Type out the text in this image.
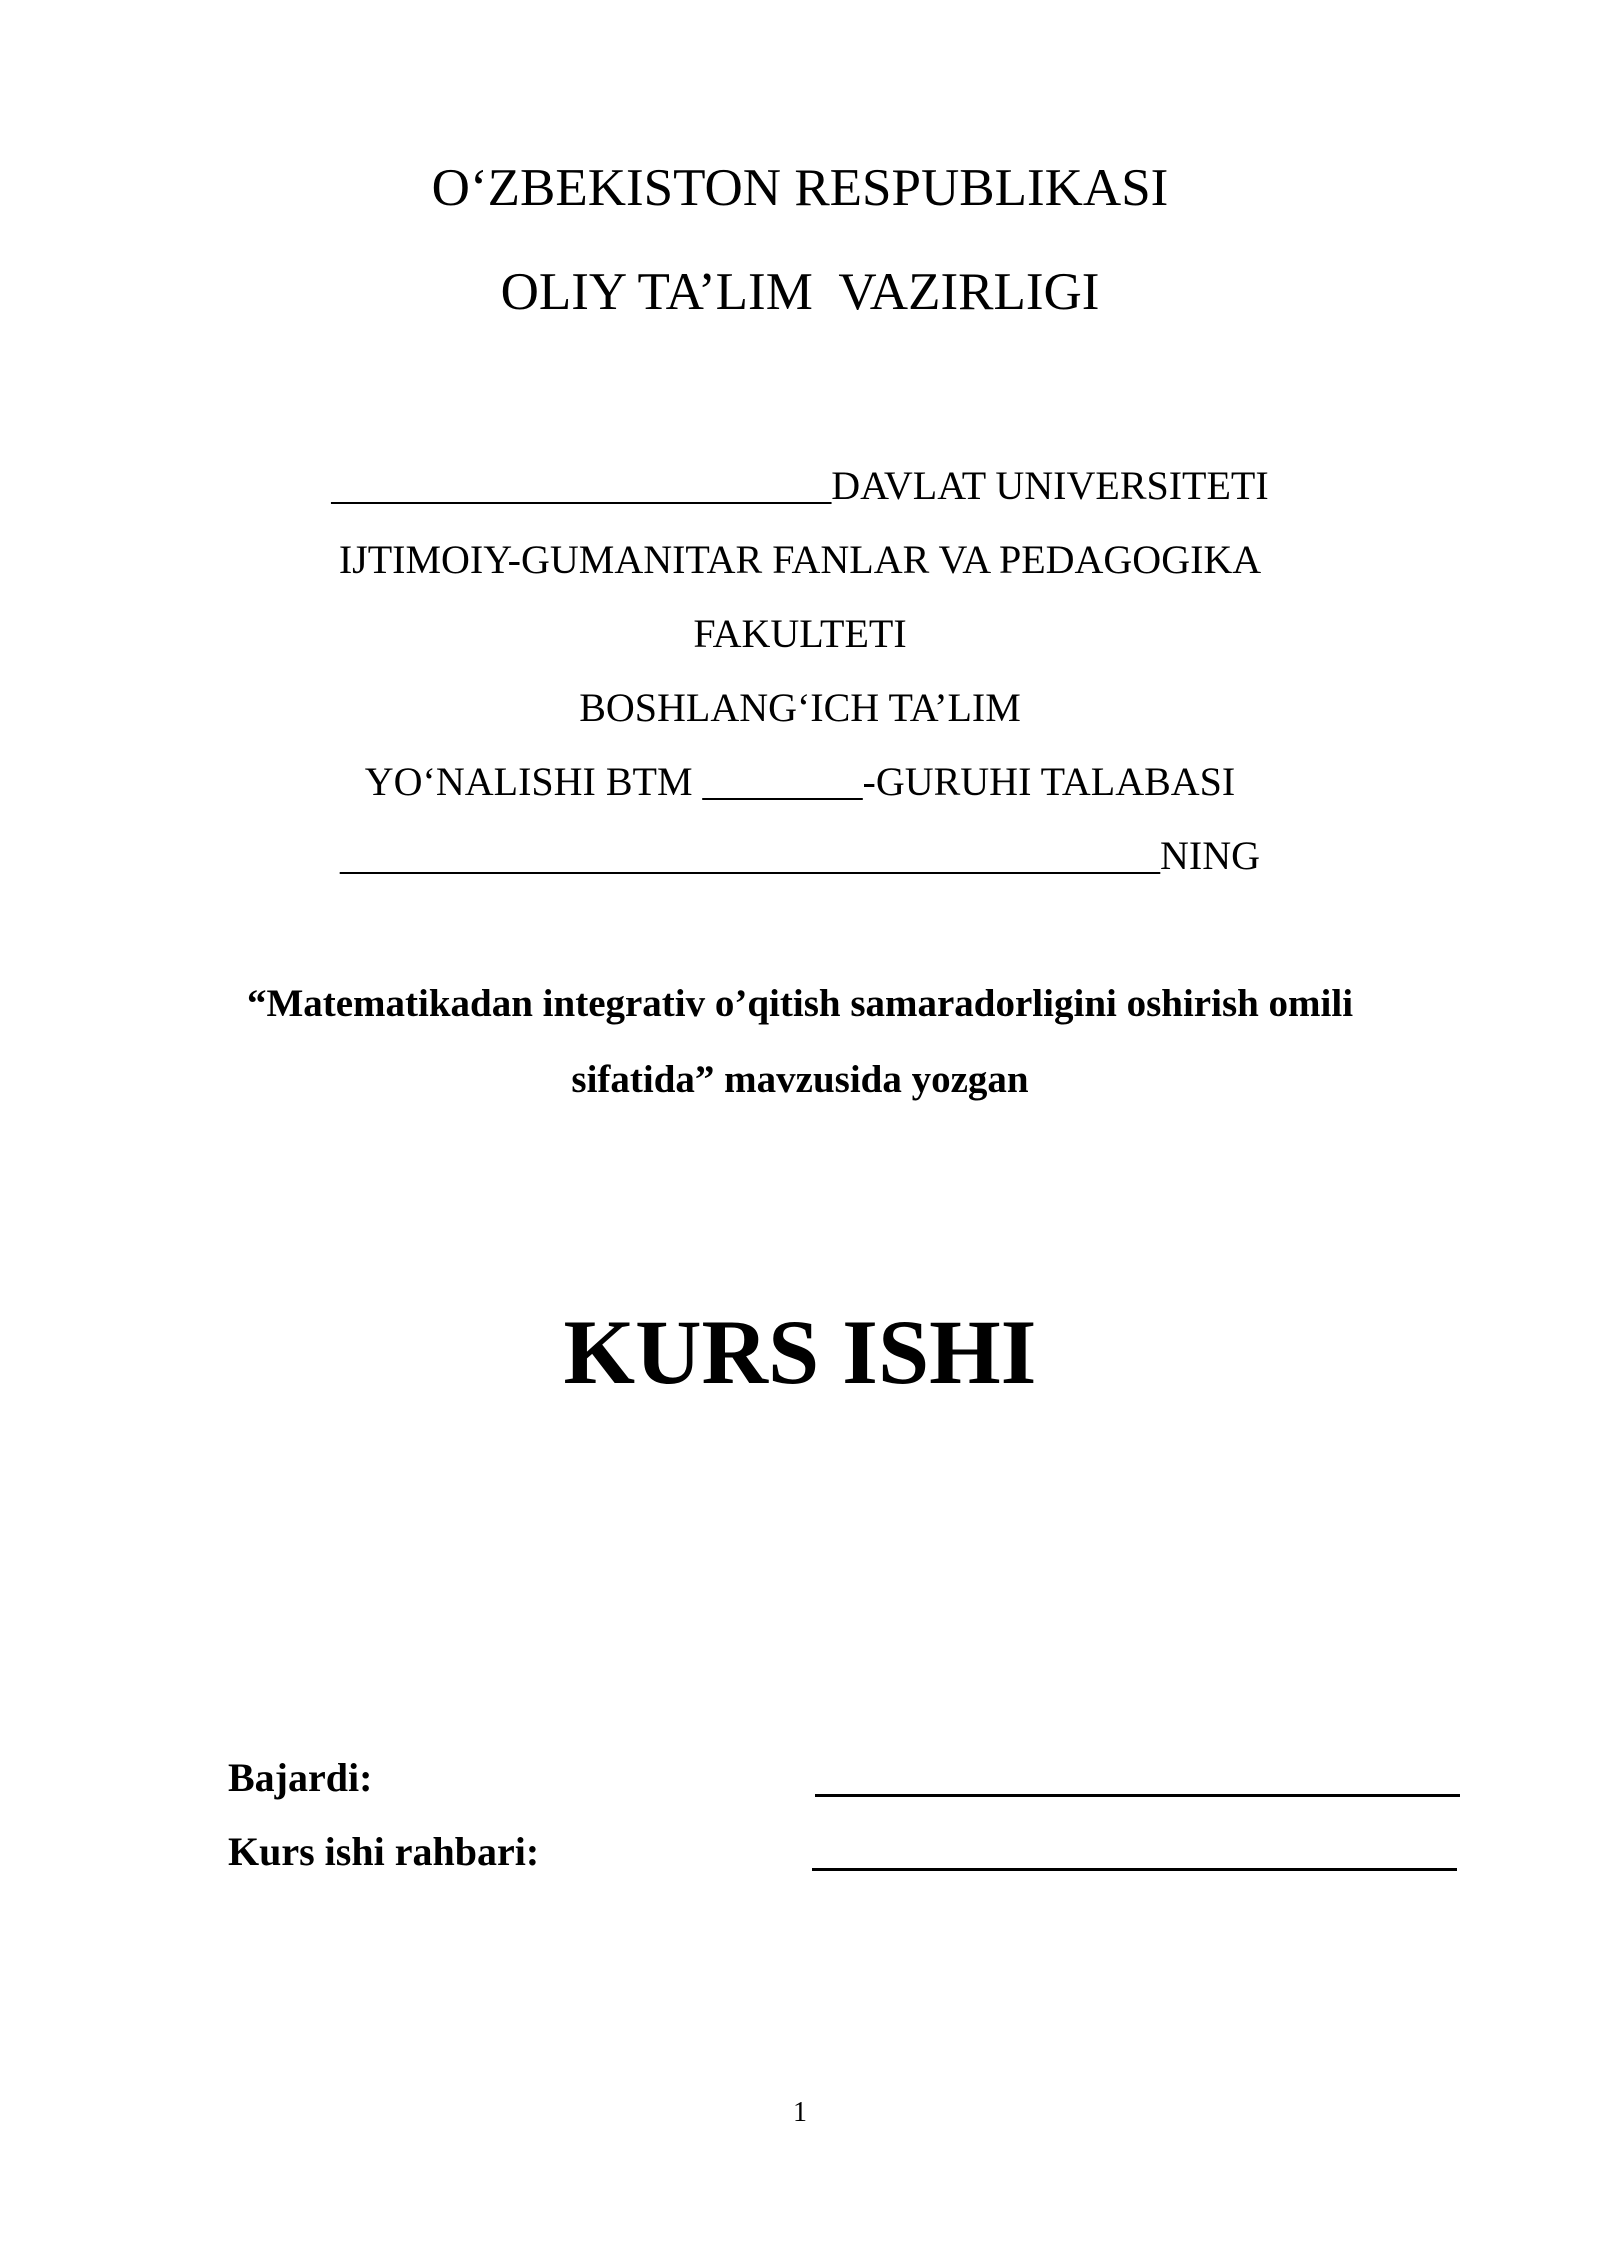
O‘ZBEKISTON RESPUBLIKASI
OLIY TA’LIM  VAZIRLIGI
_________________________DAVLAT UNIVERSITETI
IJTIMOIY-GUMANITAR FANLAR VA PEDAGOGIKA
FAKULTETI
BOSHLANG‘ICH TA’LIM
YO‘NALISHI BTM ________-GURUHI TALABASI
_________________________________________NING
“Matematikadan integrativ o’qitish samaradorligini oshirish omili
sifatida” mavzusida yozgan
KURS ISHI
Bajardi:
Kurs ishi rahbari:
1
